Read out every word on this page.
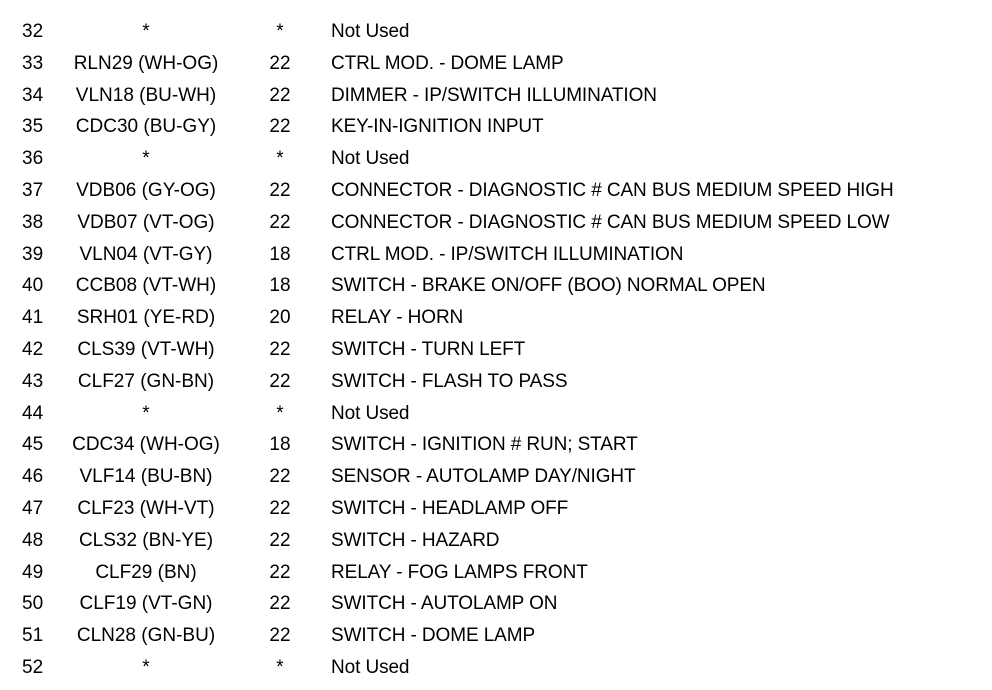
32	*	*	Not Used
33	RLN29 (WH-OG)	22	CTRL MOD. - DOME LAMP
34	VLN18 (BU-WH)	22	DIMMER - IP/SWITCH ILLUMINATION
35	CDC30 (BU-GY)	22	KEY-IN-IGNITION INPUT
36	*	*	Not Used
37	VDB06 (GY-OG)	22	CONNECTOR - DIAGNOSTIC # CAN BUS MEDIUM SPEED HIGH
38	VDB07 (VT-OG)	22	CONNECTOR - DIAGNOSTIC # CAN BUS MEDIUM SPEED LOW
39	VLN04 (VT-GY)	18	CTRL MOD. - IP/SWITCH ILLUMINATION
40	CCB08 (VT-WH)	18	SWITCH - BRAKE ON/OFF (BOO) NORMAL OPEN
41	SRH01 (YE-RD)	20	RELAY - HORN
42	CLS39 (VT-WH)	22	SWITCH - TURN LEFT
43	CLF27 (GN-BN)	22	SWITCH - FLASH TO PASS
44	*	*	Not Used
45	CDC34 (WH-OG)	18	SWITCH - IGNITION # RUN; START
46	VLF14 (BU-BN)	22	SENSOR - AUTOLAMP DAY/NIGHT
47	CLF23 (WH-VT)	22	SWITCH - HEADLAMP OFF
48	CLS32 (BN-YE)	22	SWITCH - HAZARD
49	CLF29 (BN)	22	RELAY - FOG LAMPS FRONT
50	CLF19 (VT-GN)	22	SWITCH - AUTOLAMP ON
51	CLN28 (GN-BU)	22	SWITCH - DOME LAMP
52	*	*	Not Used
